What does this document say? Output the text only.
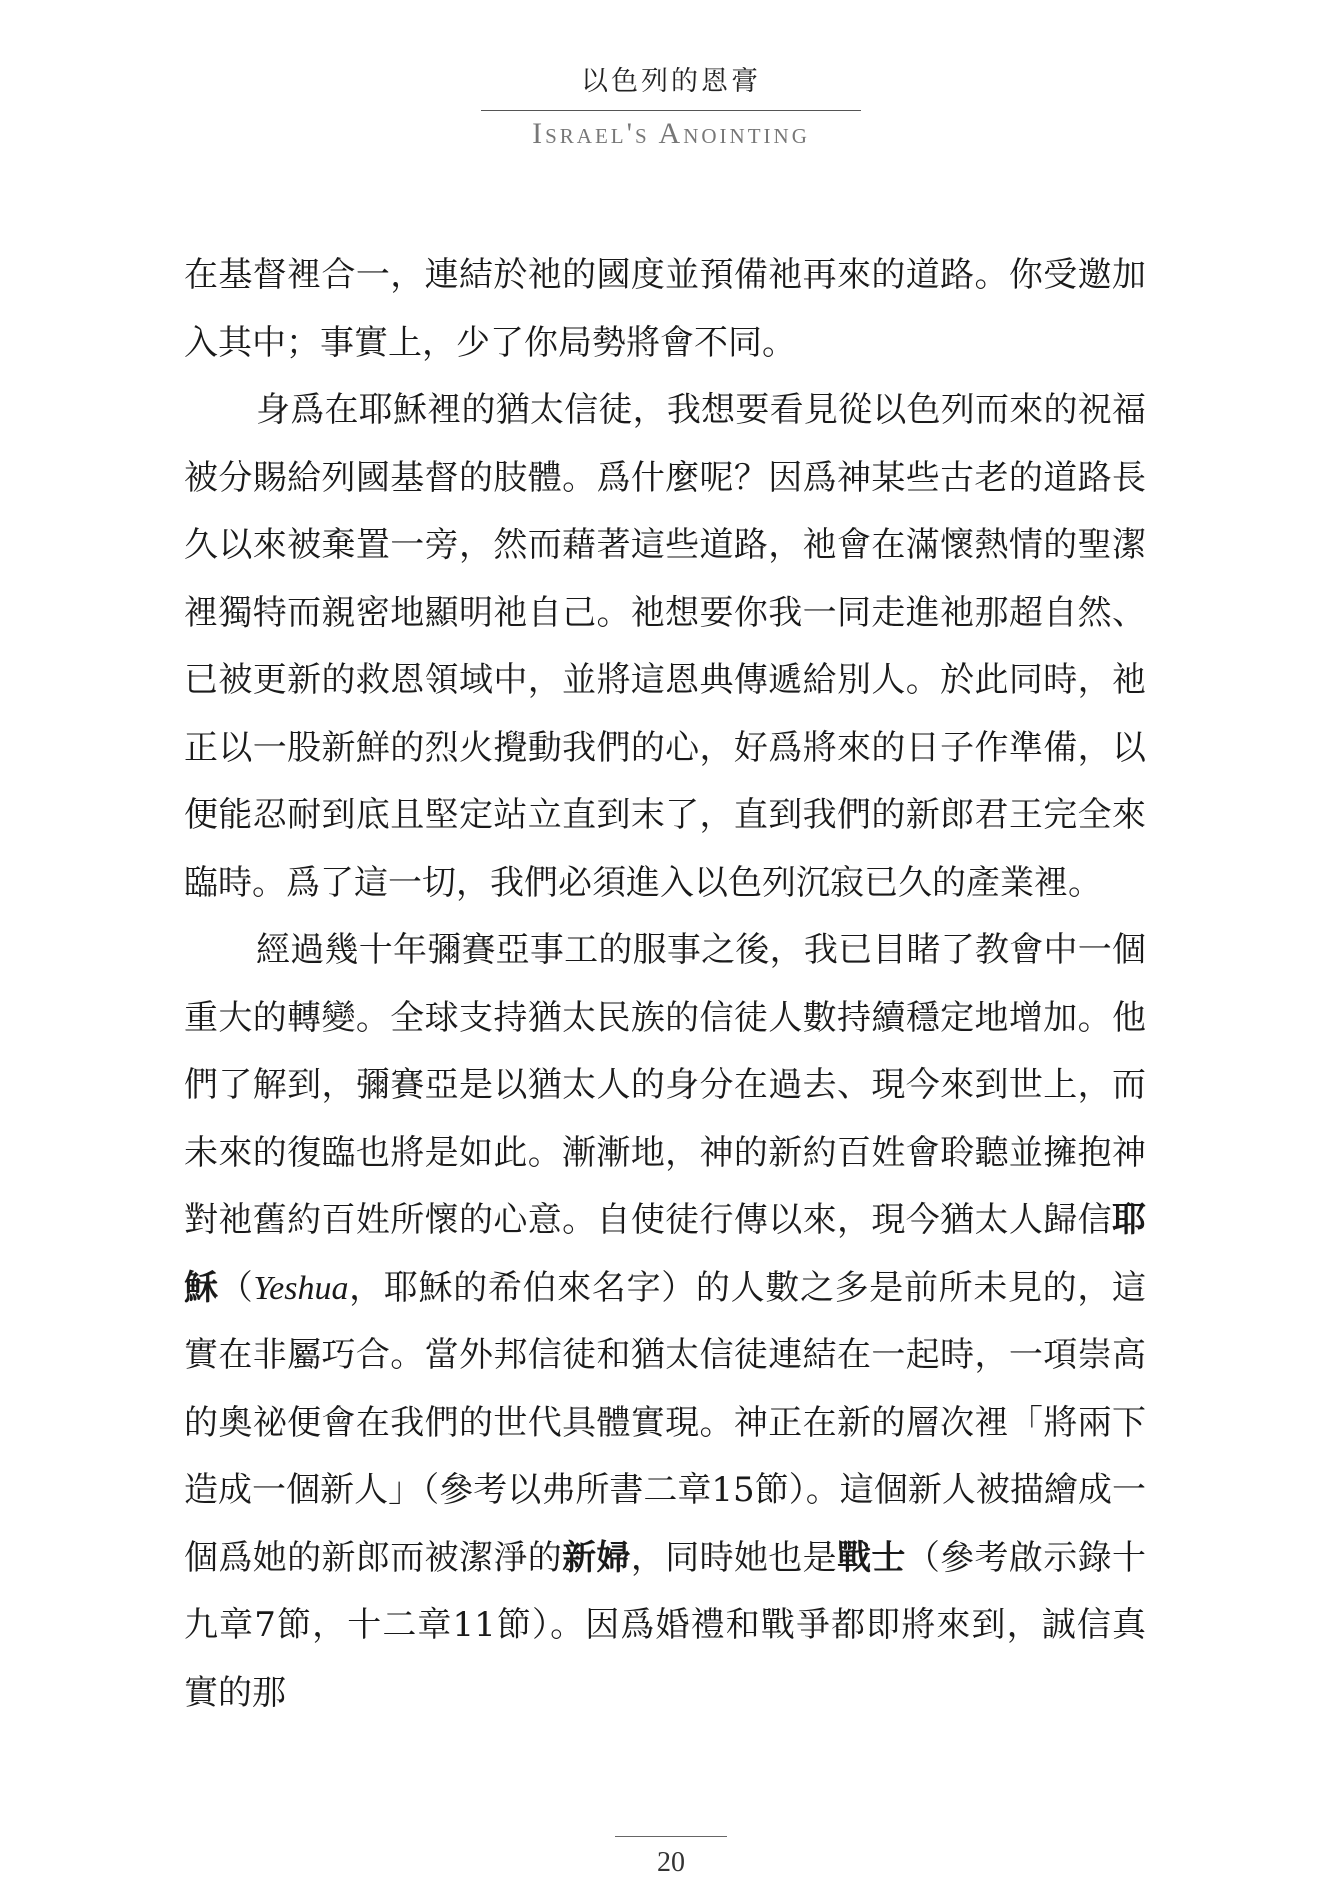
以色列的恩膏
Israel's Anointing

在基督裡合一，連結於祂的國度並預備祂再來的道路。你受邀加入其中；事實上，少了你局勢將會不同。

身爲在耶穌裡的猶太信徒，我想要看見從以色列而來的祝福被分賜給列國基督的肢體。爲什麼呢？因爲神某些古老的道路長久以來被棄置一旁，然而藉著這些道路，祂會在滿懷熱情的聖潔裡獨特而親密地顯明祂自己。祂想要你我一同走進祂那超自然、已被更新的救恩領域中，並將這恩典傳遞給別人。於此同時，祂正以一股新鮮的烈火攪動我們的心，好爲將來的日子作準備，以便能忍耐到底且堅定站立直到末了，直到我們的新郎君王完全來臨時。爲了這一切，我們必須進入以色列沉寂已久的產業裡。

經過幾十年彌賽亞事工的服事之後，我已目睹了教會中一個重大的轉變。全球支持猶太民族的信徒人數持續穩定地增加。他們了解到，彌賽亞是以猶太人的身分在過去、現今來到世上，而未來的復臨也將是如此。漸漸地，神的新約百姓會聆聽並擁抱神對祂舊約百姓所懷的心意。自使徒行傳以來，現今猶太人歸信耶穌（Yeshua，耶穌的希伯來名字）的人數之多是前所未見的，這實在非屬巧合。當外邦信徒和猶太信徒連結在一起時，一項崇高的奧祕便會在我們的世代具體實現。神正在新的層次裡「將兩下造成一個新人」（參考以弗所書二章15節）。這個新人被描繪成一個爲她的新郎而被潔淨的新婦，同時她也是戰士（參考啟示錄十九章7節，十二章11節）。因爲婚禮和戰爭都即將來到，誠信真實的那

20
